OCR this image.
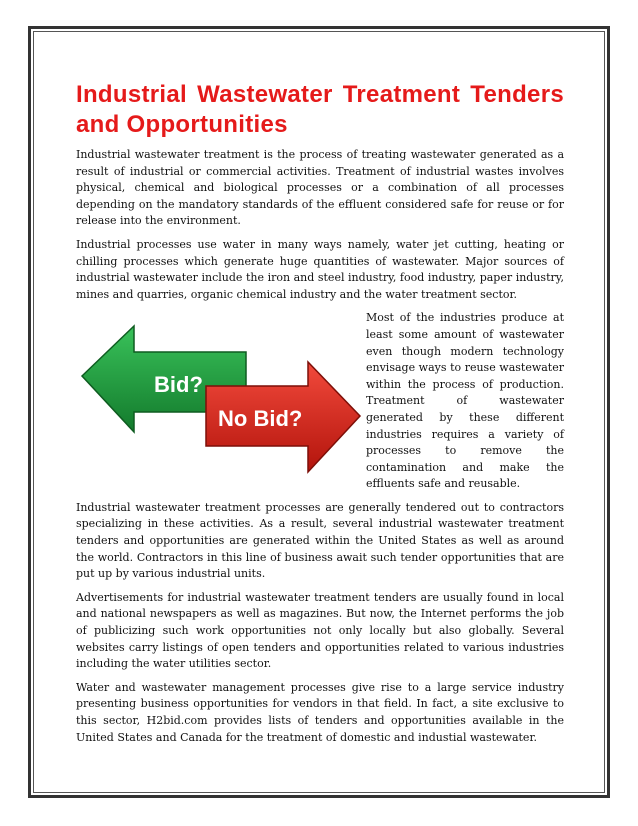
Industrial Wastewater Treatment Tenders and Opportunities

Industrial wastewater treatment is the process of treating wastewater generated as a result of industrial or commercial activities. Treatment of industrial wastes involves physical, chemical and biological processes or a combination of all processes depending on the mandatory standards of the effluent considered safe for reuse or for release into the environment.

Industrial processes use water in many ways namely, water jet cutting, heating or chilling processes which generate huge quantities of wastewater. Major sources of industrial wastewater include the iron and steel industry, food industry, paper industry, mines and quarries, organic chemical industry and the water treatment sector.

Bid?
No Bid?

Most of the industries produce at least some amount of wastewater even though modern technology envisage ways to reuse wastewater within the process of production. Treatment of wastewater generated by these different industries requires a variety of processes to remove the contamination and make the effluents safe and reusable.

Industrial wastewater treatment processes are generally tendered out to contractors specializing in these activities. As a result, several industrial wastewater treatment tenders and opportunities are generated within the United States as well as around the world. Contractors in this line of business await such tender opportunities that are put up by various industrial units.

Advertisements for industrial wastewater treatment tenders are usually found in local and national newspapers as well as magazines. But now, the Internet performs the job of publicizing such work opportunities not only locally but also globally. Several websites carry listings of open tenders and opportunities related to various industries including the water utilities sector.

Water and wastewater management processes give rise to a large service industry presenting business opportunities for vendors in that field. In fact, a site exclusive to this sector, H2bid.com provides lists of tenders and opportunities available in the United States and Canada for the treatment of domestic and industial wastewater.
